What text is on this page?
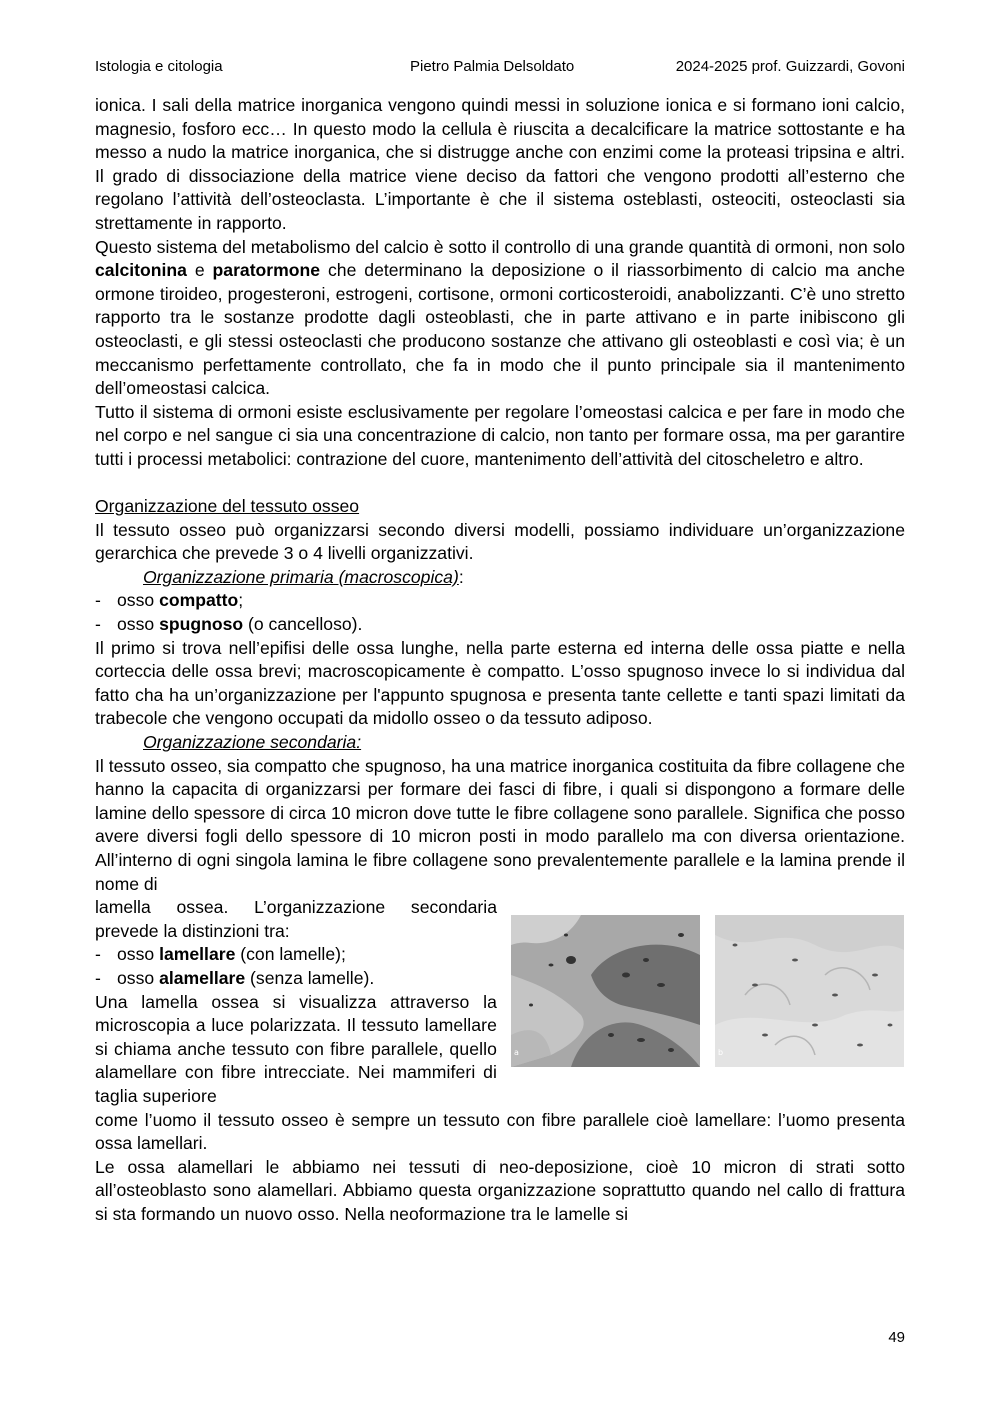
Istologia e citologia	Pietro Palmia Delsoldato	2024-2025 prof. Guizzardi, Govoni

ionica. I sali della matrice inorganica vengono quindi messi in soluzione ionica e si formano ioni calcio, magnesio, fosforo ecc… In questo modo la cellula è riuscita a decalcificare la matrice sottostante e ha messo a nudo la matrice inorganica, che si distrugge anche con enzimi come la proteasi tripsina e altri. Il grado di dissociazione della matrice viene deciso da fattori che vengono prodotti all’esterno che regolano l’attività dell’osteoclasta. L’importante è che il sistema osteblasti, osteociti, osteoclasti sia strettamente in rapporto.

Questo sistema del metabolismo del calcio è sotto il controllo di una grande quantità di ormoni, non solo calcitonina e paratormone che determinano la deposizione o il riassorbimento di calcio ma anche ormone tiroideo, progesteroni, estrogeni, cortisone, ormoni corticosteroidi, anabolizzanti. C’è uno stretto rapporto tra le sostanze prodotte dagli osteoblasti, che in parte attivano e in parte inibiscono gli osteoclasti, e gli stessi osteoclasti che producono sostanze che attivano gli osteoblasti e così via; è un meccanismo perfettamente controllato, che fa in modo che il punto principale sia il mantenimento dell’omeostasi calcica.

Tutto il sistema di ormoni esiste esclusivamente per regolare l’omeostasi calcica e per fare in modo che nel corpo e nel sangue ci sia una concentrazione di calcio, non tanto per formare ossa, ma per garantire tutti i processi metabolici: contrazione del cuore, mantenimento dell’attività del citoscheletro e altro.

Organizzazione del tessuto osseo

Il tessuto osseo può organizzarsi secondo diversi modelli, possiamo individuare un’organizzazione gerarchica che prevede 3 o 4 livelli organizzativi.

Organizzazione primaria (macroscopica):

- osso compatto;
- osso spugnoso (o cancelloso).

Il primo si trova nell’epifisi delle ossa lunghe, nella parte esterna ed interna delle ossa piatte e nella corteccia delle ossa brevi; macroscopicamente è compatto. L’osso spugnoso invece lo si individua dal fatto cha ha un’organizzazione per l'appunto spugnosa e presenta tante cellette e tanti spazi limitati da trabecole che vengono occupati da midollo osseo o da tessuto adiposo.

Organizzazione secondaria:

Il tessuto osseo, sia compatto che spugnoso, ha una matrice inorganica costituita da fibre collagene che hanno la capacita di organizzarsi per formare dei fasci di fibre, i quali si dispongono a formare delle lamine dello spessore di circa 10 micron dove tutte le fibre collagene sono parallele. Significa che posso avere diversi fogli dello spessore di 10 micron posti in modo parallelo ma con diversa orientazione. All’interno di ogni singola lamina le fibre collagene sono prevalentemente parallele e la lamina prende il nome di

lamella ossea. L’organizzazione secondaria

prevede la distinzioni tra:

- osso lamellare (con lamelle);
- osso alamellare (senza lamelle).

Una lamella ossea si visualizza attraverso la microscopia a luce polarizzata. Il tessuto lamellare si chiama anche tessuto con fibre parallele, quello alamellare con fibre intrecciate. Nei mammiferi di taglia superiore

a	b

come l’uomo il tessuto osseo è sempre un tessuto con fibre parallele cioè lamellare: l’uomo presenta ossa lamellari.

Le ossa alamellari le abbiamo nei tessuti di neo-deposizione, cioè 10 micron di strati sotto all’osteoblasto sono alamellari. Abbiamo questa organizzazione soprattutto quando nel callo di frattura si sta formando un nuovo osso. Nella neoformazione tra le lamelle si

49
